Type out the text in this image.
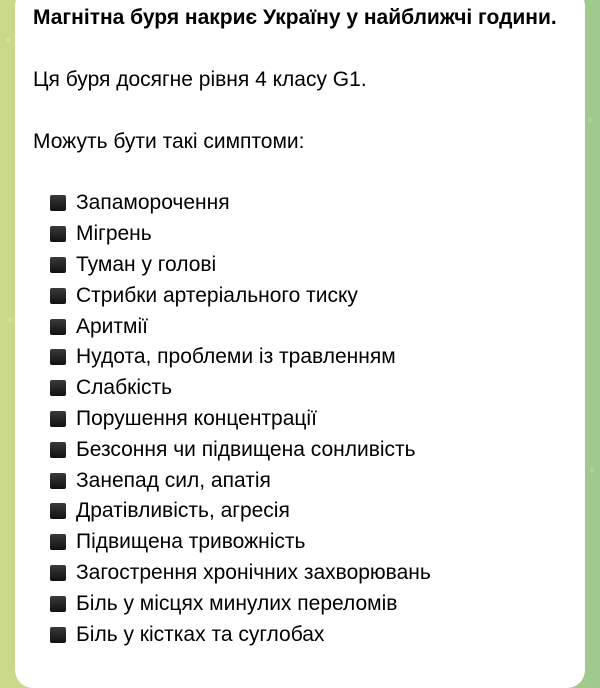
Магнітна буря накриє Україну у найближчі години.

Ця буря досягне рівня 4 класу G1.

Можуть бути такі симптоми:

Запаморочення
Мігрень
Туман у голові
Стрибки артеріального тиску
Аритмії
Нудота, проблеми із травленням
Слабкість
Порушення концентрації
Безсоння чи підвищена сонливість
Занепад сил, апатія
Дратівливість, агресія
Підвищена тривожність
Загострення хронічних захворювань
Біль у місцях минулих переломів
Біль у кістках та суглобах
